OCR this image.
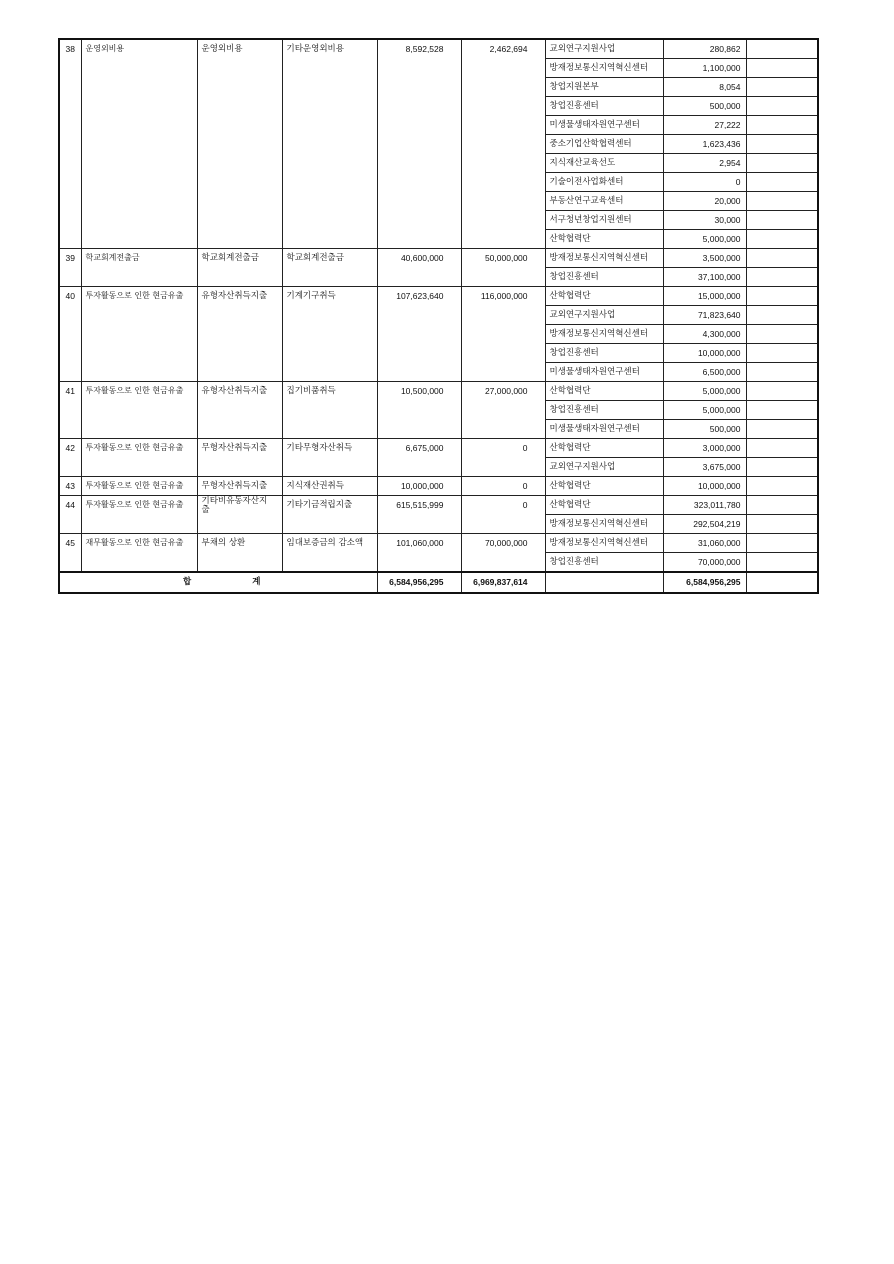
38	운영외비용	운영외비용	기타운영외비용	8,592,528	2,462,694	교외연구지원사업	280,862	
						방재정보통신지역혁신센터	1,100,000	
						창업지원본부	8,054	
						창업진흥센터	500,000	
						미생물생태자원연구센터	27,222	
						중소기업산학협력센터	1,623,436	
						지식재산교육선도	2,954	
						기술이전사업화센터	0	
						부동산연구교육센터	20,000	
						서구청년창업지원센터	30,000	
						산학협력단	5,000,000	
39	학교회계전출금	학교회계전출금	학교회계전출금	40,600,000	50,000,000	방재정보통신지역혁신센터	3,500,000	
						창업진흥센터	37,100,000	
40	투자활동으로 인한 현금유출	유형자산취득지출	기계기구취득	107,623,640	116,000,000	산학협력단	15,000,000	
						교외연구지원사업	71,823,640	
						방재정보통신지역혁신센터	4,300,000	
						창업진흥센터	10,000,000	
						미생물생태자원연구센터	6,500,000	
41	투자활동으로 인한 현금유출	유형자산취득지출	집기비품취득	10,500,000	27,000,000	산학협력단	5,000,000	
						창업진흥센터	5,000,000	
						미생물생태자원연구센터	500,000	
42	투자활동으로 인한 현금유출	무형자산취득지출	기타무형자산취득	6,675,000	0	산학협력단	3,000,000	
						교외연구지원사업	3,675,000	
43	투자활동으로 인한 현금유출	무형자산취득지출	지식재산권취득	10,000,000	0	산학협력단	10,000,000	
44	투자활동으로 인한 현금유출	기타비유동자산지출	기타기금적립지출	615,515,999	0	산학협력단	323,011,780	
						방재정보통신지역혁신센터	292,504,219	
45	재무활동으로 인한 현금유출	부채의 상환	임대보증금의 감소액	101,060,000	70,000,000	방재정보통신지역혁신센터	31,060,000	
						창업진흥센터	70,000,000	
합 계				6,584,956,295	6,969,837,614		6,584,956,295	
